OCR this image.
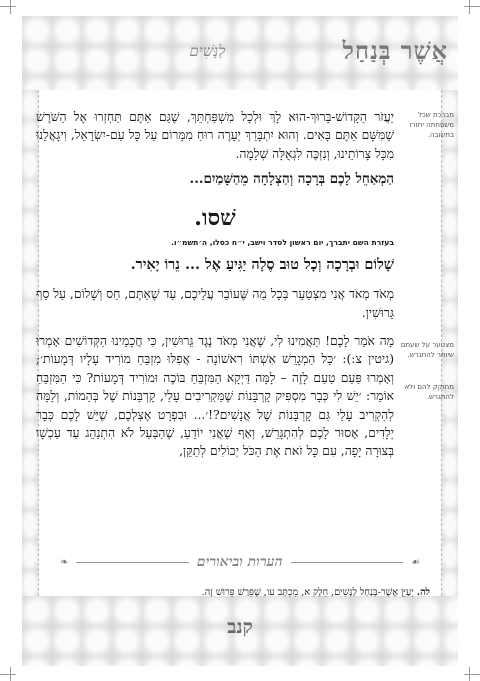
אֲשֶׁר בְּנַחַל
לַנָּשִׁים
מברכת שכל משפחתה יחזרו בתשובה.
מצטער על שעתם שיותר להתגרש.
מחוקק להם ולא להתגרש.

יַעֲזֹר הַקָּדוֹשׁ-בָּרוּךְ-הוּא לָךְ וּלְכָל מִשְׁפַּחְתֵּךְ, שֶׁגַּם אַתֶּם תַּחְזְרוּ אֶל הַשֹּׁרֶשׁ שֶׁמִּשָּׁם אַתֶּם בָּאִים. וְהוּא יִתְבָּרַךְ יְעָרֶה רוּחַ מִמָּרוֹם עַל כָּל עַם-יִשְׂרָאֵל, וִיגָאֲלֵנוּ מִכָּל צָרוֹתֵינוּ, וְנִזְכֶּה לִגְאֻלָּה שְׁלֵמָה.

הַמְאַחֵל לָכֶם בְּרָכָה וְהַצְלָחָה מֵהַשָּׁמַיִם...

שׁסו.

בעזרת השם יתברך, יום ראשון לסדר וישב, י״ח כסלו, ה׳תשמ״ו.

שָׁלוֹם וּבְרָכָה וְכָל טוּב סֶלָה יַגִּיעַ אֶל ... נֵרוֹ יָאִיר.

מְאֹד מְאֹד אֲנִי מִצְטַעֵר בְּכָל מַה שֶּׁעוֹבֵר עֲלֵיכֶם, עַד שֶׁאַתֶּם, חַס וְשָׁלוֹם, עַל סַף גֵּרוּשִׁין.

מָה אֹמַר לָכֶם! תַּאֲמִינוּ לִי, שֶׁאֲנִי מְאֹד נֶגֶד גֵּרוּשִׁין, כִּי חֲכָמֵינוּ הַקְּדוֹשִׁים אָמְרוּ (גיטין צ:): ׳כָּל הַמְגָרֵשׁ אִשְׁתּוֹ רִאשׁוֹנָה - אֲפִלּוּ מִזְבֵּחַ מוֹרִיד עָלָיו דְּמָעוֹת׳; וְאָמְרוּ פַּעַם טַעַם לָזֶה – לָמָּה דַּיְקָא הַמִּזְבֵּחַ בּוֹכֶה וּמוֹרִיד דְּמָעוֹת? כִּי הַמִּזְבֵּחַ אוֹמֵר: ׳יֵשׁ לִי כְּבָר מִסְפִּיק קָרְבָּנוֹת שֶׁמַּקְרִיבִים עָלַי, קָרְבָּנוֹת שֶׁל בְּהֵמוֹת, וְלָמָּה לְהַקְרִיב עָלַי גַּם קָרְבָּנוֹת שֶׁל אֲנָשִׁים?!׳... וּבִפְרָט אֶצְלְכֶם, שֶׁיֵּשׁ לָכֶם כְּבָר יְלָדִים, אָסוּר לָכֶם לְהִתְגָּרֵשׁ, וְאַף שֶׁאֲנִי יוֹדֵעַ, שֶׁהַבַּעַל לֹא הִתְנַהֵג עַד עַכְשָׁו בְּצוּרָה יָפָה, עִם כָּל זֹאת אֶת הַכֹּל יְכוֹלִים לְתַקֵּן,

❧	הערות וביאורים	☙
לה. יְעַיֵּן אֲשֶׁר-בְּנַחַל לַנָּשִׁים, חֵלֶק א, מִכְתָּב עו, שֶׁפֵּרַשׁ פֵּרוּשׁ זֶה.
קנב
